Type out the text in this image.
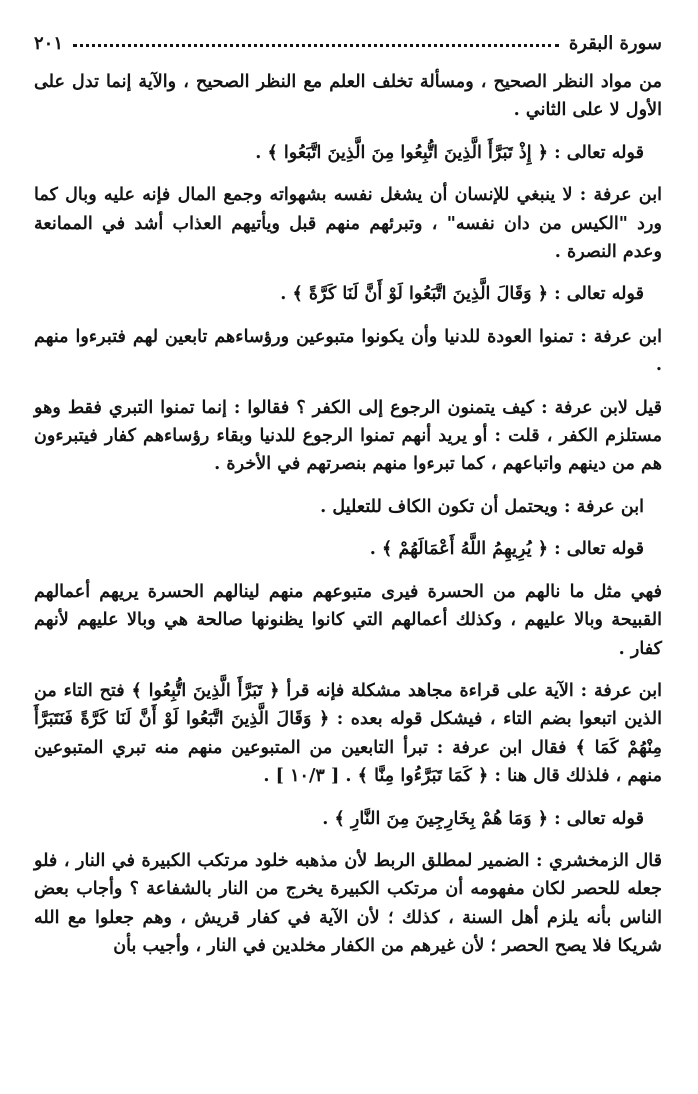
سورة البقرة
٢٠١

من مواد النظر الصحيح ، ومسألة تخلف العلم مع النظر الصحيح ، والآية إنما تدل على الأول لا على الثاني .

قوله تعالى : ﴿ إِذْ تَبَرَّأَ الَّذِينَ اتُّبِعُوا مِنَ الَّذِينَ اتَّبَعُوا ﴾ .

ابن عرفة : لا ينبغي للإنسان أن يشغل نفسه بشهواته وجمع المال فإنه عليه وبال كما ورد "الكيس من دان نفسه" ، وتبرئهم منهم قبل ويأتيهم العذاب أشد في الممانعة وعدم النصرة .

قوله تعالى : ﴿ وَقَالَ الَّذِينَ اتَّبَعُوا لَوْ أَنَّ لَنَا كَرَّةً ﴾ .

ابن عرفة : تمنوا العودة للدنيا وأن يكونوا متبوعين ورؤساءهم تابعين لهم فتبرءوا منهم .

قيل لابن عرفة : كيف يتمنون الرجوع إلى الكفر ؟ فقالوا : إنما تمنوا التبري فقط وهو مستلزم الكفر ، قلت : أو يريد أنهم تمنوا الرجوع للدنيا وبقاء رؤساءهم كفار فيتبرءون هم من دينهم واتباعهم ، كما تبرءوا منهم بنصرتهم في الأخرة .

ابن عرفة : ويحتمل أن تكون الكاف للتعليل .

قوله تعالى : ﴿ يُرِيهِمُ اللَّهُ أَعْمَالَهُمْ ﴾ .

فهي مثل ما نالهم من الحسرة فيرى متبوعهم منهم لينالهم الحسرة يريهم أعمالهم القبيحة وبالا عليهم ، وكذلك أعمالهم التي كانوا يظنونها صالحة هي وبالا عليهم لأنهم كفار .

ابن عرفة : الآية على قراءة مجاهد مشكلة فإنه قرأ ﴿ تَبَرَّأَ الَّذِينَ اتُّبِعُوا ﴾ فتح التاء من الذين اتبعوا بضم التاء ، فيشكل قوله بعده : ﴿ وَقَالَ الَّذِينَ اتَّبَعُوا لَوْ أَنَّ لَنَا كَرَّةً فَنَتَبَرَّأَ مِنْهُمْ كَمَا ﴾ فقال ابن عرفة : تبرأ التابعين من المتبوعين منهم منه تبري المتبوعين منهم ، فلذلك قال هنا : ﴿ كَمَا تَبَرَّءُوا مِنَّا ﴾ . [ ١٠/٣ ] .

قوله تعالى : ﴿ وَمَا هُمْ بِخَارِجِينَ مِنَ النَّارِ ﴾ .

قال الزمخشري : الضمير لمطلق الربط لأن مذهبه خلود مرتكب الكبيرة في النار ، فلو جعله للحصر لكان مفهومه أن مرتكب الكبيرة يخرج من النار بالشفاعة ؟ وأجاب بعض الناس بأنه يلزم أهل السنة ، كذلك ؛ لأن الآية في كفار قريش ، وهم جعلوا مع الله شريكا فلا يصح الحصر ؛ لأن غيرهم من الكفار مخلدين في النار ، وأجيب بأن
